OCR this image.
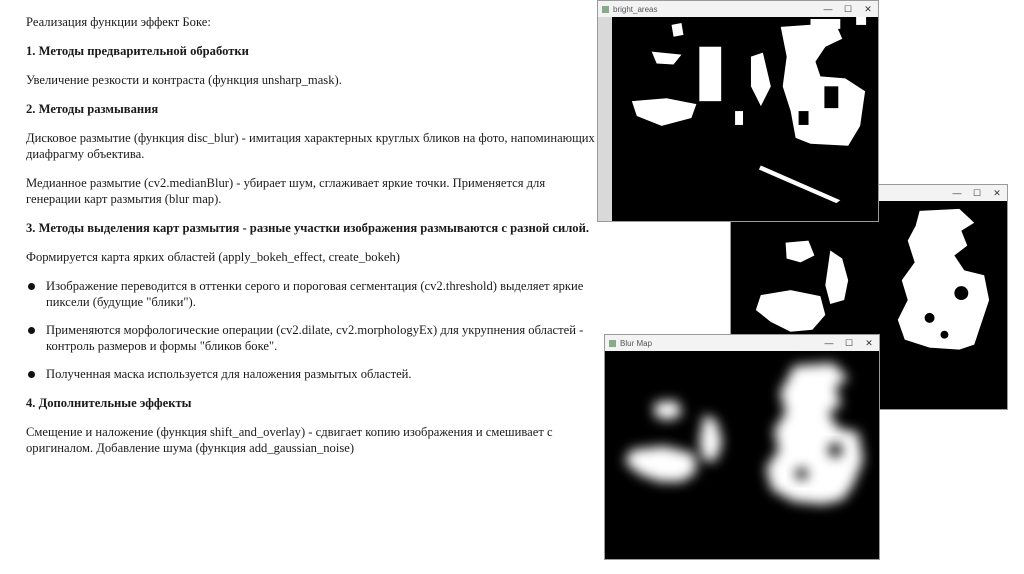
Реализация функции эффект Боке:

1. Методы предварительной обработки

Увеличение резкости и контраста (функция unsharp_mask).

2. Методы размывания

Дисковое размытие (функция disc_blur) - имитация характерных круглых бликов на фото, напоминающих диафрагму объектива.

Медианное размытие (cv2.medianBlur) - убирает шум, сглаживает яркие точки. Применяется для генерации карт размытия (blur map).

3. Методы выделения карт размытия - разные участки изображения размываются с разной силой.

Формируется карта ярких областей (apply_bokeh_effect, create_bokeh)

Изображение переводится в оттенки серого и пороговая сегментация (cv2.threshold) выделяет яркие пиксели (будущие "блики").
Применяются морфологические операции (cv2.dilate, cv2.morphologyEx) для укрупнения областей - контроль размеров и формы "бликов боке".
Полученная маска используется для наложения размытых областей.

4. Дополнительные эффекты

Смещение и наложение (функция shift_and_overlay) - сдвигает копию изображения и смешивает с оригиналом. Добавление шума (функция add_gaussian_noise)

—	☐	✕
bright_areas	—	☐	✕
Blur Map	—	☐	✕
